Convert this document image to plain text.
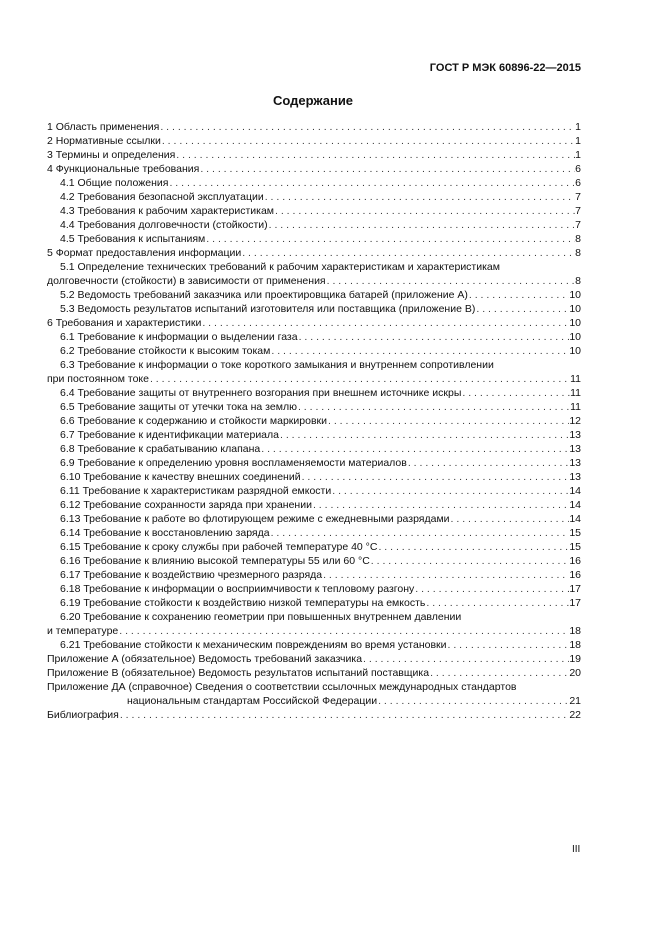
ГОСТ Р МЭК 60896-22—2015
Содержание
1 Область применения . . .	1
2 Нормативные ссылки . . .	1
3 Термины и определения . . .	1
4 Функциональные требования . . .	6
4.1 Общие положения . . .	6
4.2 Требования безопасной эксплуатации . . .	7
4.3 Требования к рабочим характеристикам . . .	7
4.4 Требования долговечности (стойкости) . . .	7
4.5 Требования к испытаниям . . .	8
5 Формат предоставления информации . . .	8
5.1 Определение технических требований к рабочим характеристикам и характеристикам
долговечности (стойкости) в зависимости от применения . . .	8
5.2 Ведомость требований заказчика или проектировщика батарей (приложение А) . . .	10
5.3 Ведомость результатов испытаний изготовителя или поставщика (приложение В) . . .	10
6 Требования и характеристики . . .	10
6.1 Требование к информации о выделении газа . . .	10
6.2 Требование стойкости к высоким токам . . .	10
6.3 Требование к информации о токе короткого замыкания и внутреннем сопротивлении
при постоянном токе . . .	11
6.4 Требование защиты от внутреннего возгорания при внешнем источнике искры . . .	11
6.5 Требование защиты от утечки тока на землю . . .	11
6.6 Требование к содержанию и стойкости маркировки . . .	12
6.7 Требование к идентификации материала . . .	13
6.8 Требование к срабатыванию клапана . . .	13
6.9 Требование к определению уровня воспламеняемости материалов . . .	13
6.10 Требование к качеству внешних соединений . . .	13
6.11 Требование к характеристикам разрядной емкости . . .	14
6.12 Требование сохранности заряда при хранении . . .	14
6.13 Требование к работе во флотирующем режиме с ежедневными разрядами . . .	14
6.14 Требование к восстановлению заряда . . .	15
6.15 Требование к сроку службы при рабочей температуре 40 °С . . .	15
6.16 Требование к влиянию высокой температуры 55 или 60 °С . . .	16
6.17 Требование к воздействию чрезмерного разряда . . .	16
6.18 Требование к информации о восприимчивости к тепловому разгону . . .	17
6.19 Требование стойкости к воздействию низкой температуры на емкость . . .	17
6.20 Требование к сохранению геометрии при повышенных внутреннем давлении
и температуре . . .	18
6.21 Требование стойкости к механическим повреждениям во время установки . . .	18
Приложение А (обязательное) Ведомость требований заказчика . . .	19
Приложение В (обязательное) Ведомость результатов испытаний поставщика . . .	20
Приложение ДА (справочное) Сведения о соответствии ссылочных международных стандартов
национальным стандартам Российской Федерации . . .	21
Библиография . . .	22
III
